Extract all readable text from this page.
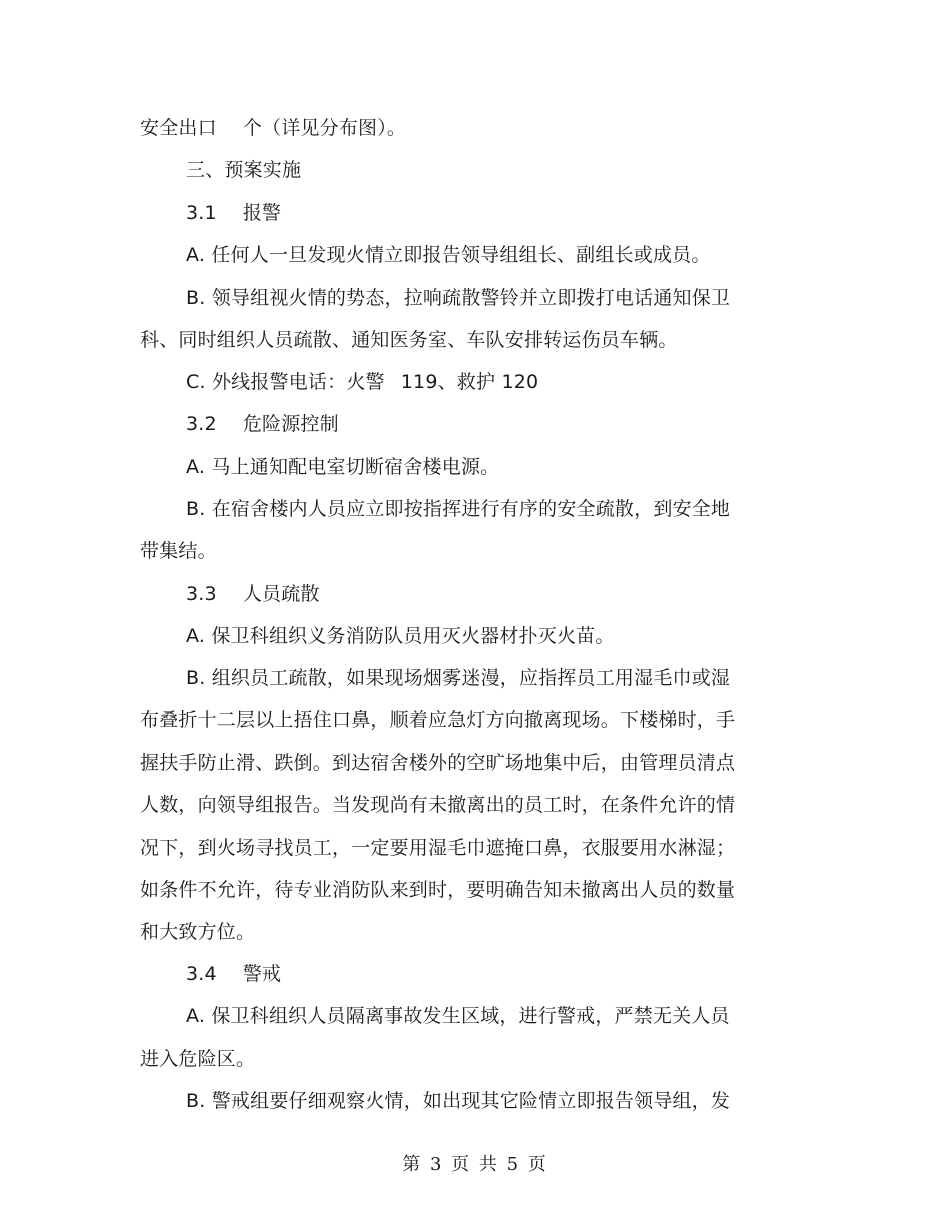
安全出口 个（详见分布图）。
三、预案实施
3.1 报警
A. 任何人一旦发现火情立即报告领导组组长、副组长或成员。
B. 领导组视火情的势态，拉响疏散警铃并立即拨打电话通知保卫
科、同时组织人员疏散、通知医务室、车队安排转运伤员车辆。
C. 外线报警电话：火警 119、救护 120
3.2 危险源控制
A. 马上通知配电室切断宿舍楼电源。
B. 在宿舍楼内人员应立即按指挥进行有序的安全疏散，到安全地
带集结。
3.3 人员疏散
A. 保卫科组织义务消防队员用灭火器材扑灭火苗。
B. 组织员工疏散，如果现场烟雾迷漫，应指挥员工用湿毛巾或湿
布叠折十二层以上捂住口鼻，顺着应急灯方向撤离现场。下楼梯时，手
握扶手防止滑、跌倒。到达宿舍楼外的空旷场地集中后，由管理员清点
人数，向领导组报告。当发现尚有未撤离出的员工时，在条件允许的情
况下，到火场寻找员工，一定要用湿毛巾遮掩口鼻，衣服要用水淋湿；
如条件不允许，待专业消防队来到时，要明确告知未撤离出人员的数量
和大致方位。
3.4 警戒
A. 保卫科组织人员隔离事故发生区域，进行警戒，严禁无关人员
进入危险区。
B. 警戒组要仔细观察火情，如出现其它险情立即报告领导组，发
第 3 页 共 5 页
